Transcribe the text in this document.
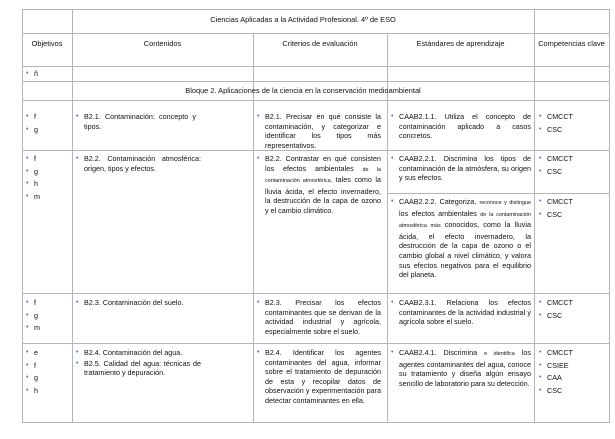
Ciencias Aplicadas a la Actividad Profesional. 4º de ESO
Objetivos	Contenidos	Criterios de evaluación	Estándares de aprendizaje	Competencias clave
• ñ
Bloque 2. Aplicaciones de la ciencia en la conservación medioambiental
• f
• g
• B2.1. Contaminación: concepto y tipos.
• B2.1. Precisar en qué consiste la contaminación, y categorizar e identificar los tipos más representativos.
• CAAB2.1.1. Utiliza el concepto de contaminación aplicado a casos concretos.
• CMCCT
• CSC
• f
• g
• h
• m
• B2.2. Contaminación atmosférica: origen, tipos y efectos.
• B2.2. Contrastar en qué consisten los efectos ambientales de la contaminación atmosférica, tales como la lluvia ácida, el efecto invernadero, la destrucción de la capa de ozono y el cambio climático.
• CAAB2.2.1. Discrimina los tipos de contaminación de la atmósfera, su origen y sus efectos.
• CAAB2.2.2. Categoriza, reconoce y distingue los efectos ambientales de la contaminación atmosférica más conocidos, como la lluvia ácida, el efecto invernadero, la destrucción de la capa de ozono o el cambio global a nivel climático, y valora sus efectos negativos para el equilibrio del planeta.
• CMCCT
• CSC
• CMCCT
• CSC
• f
• g
• m
• B2.3. Contaminación del suelo.
•	B2.3. Precisar los efectos contaminantes que se derivan de la actividad industrial y agrícola, especialmente sobre el suelo.
• CAAB2.3.1. Relaciona los efectos contaminantes de la actividad industrial y agrícola sobre el suelo.
• CMCCT
• CSC
• e
• f
• g
• h
• B2.4. Contaminación del agua.
• B2.5. Calidad del agua: técnicas de tratamiento y depuración.
• B2.4. Identificar los agentes contaminantes del agua, informar sobre el tratamiento de depuración de esta y recopilar datos de observación y experimentación para detectar contaminantes en ella.
• CAAB2.4.1. Discrimina e identifica los agentes contaminantes del agua, conoce su tratamiento y diseña algún ensayo sencillo de laboratorio para su detección.
• CMCCT
• CSIEE
• CAA
• CSC
